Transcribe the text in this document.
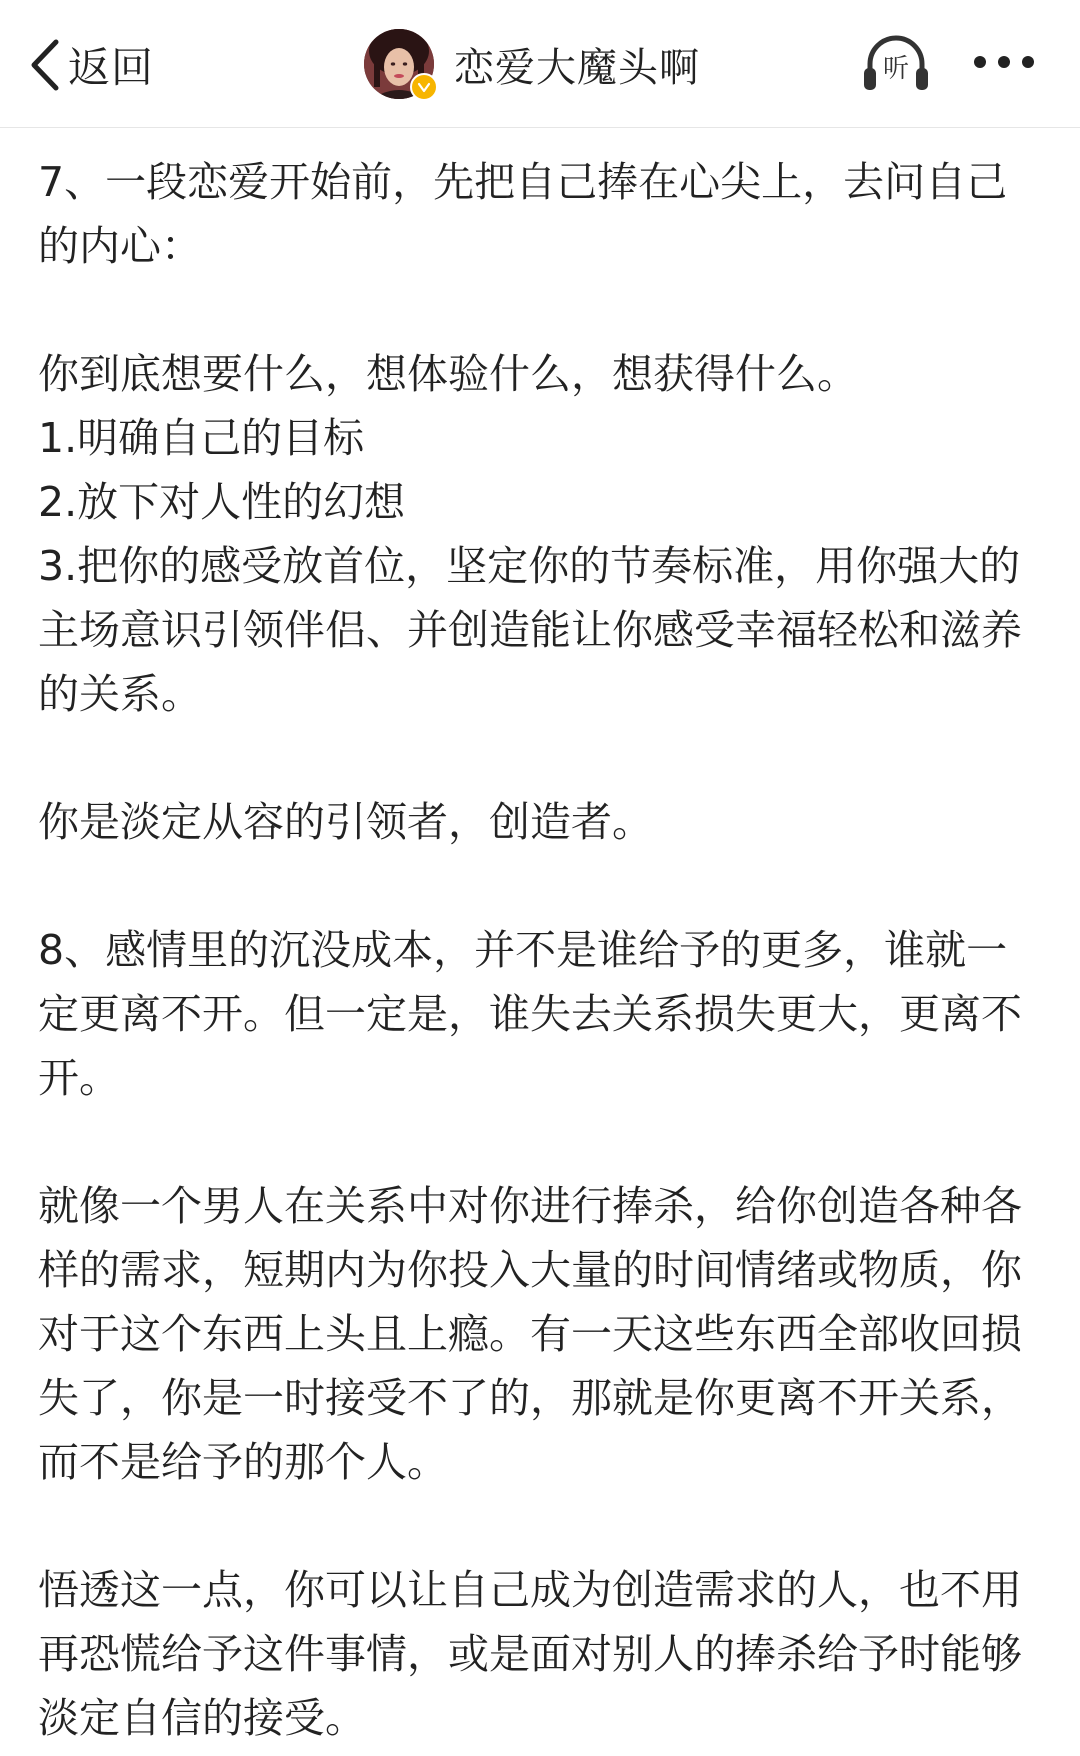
返回	恋爱大魔头啊	听

7、一段恋爱开始前，先把自己捧在心尖上，去问自己的内心：

你到底想要什么，想体验什么，想获得什么。

1.明确自己的目标

2.放下对人性的幻想

3.把你的感受放首位，坚定你的节奏标准，用你强大的主场意识引领伴侣、并创造能让你感受幸福轻松和滋养的关系。

你是淡定从容的引领者，创造者。

8、感情里的沉没成本，并不是谁给予的更多，谁就一定更离不开。但一定是，谁失去关系损失更大，更离不开。

就像一个男人在关系中对你进行捧杀，给你创造各种各样的需求，短期内为你投入大量的时间情绪或物质，你对于这个东西上头且上瘾。有一天这些东西全部收回损失了，你是一时接受不了的，那就是你更离不开关系，而不是给予的那个人。

悟透这一点，你可以让自己成为创造需求的人，也不用再恐慌给予这件事情，或是面对别人的捧杀给予时能够淡定自信的接受。
